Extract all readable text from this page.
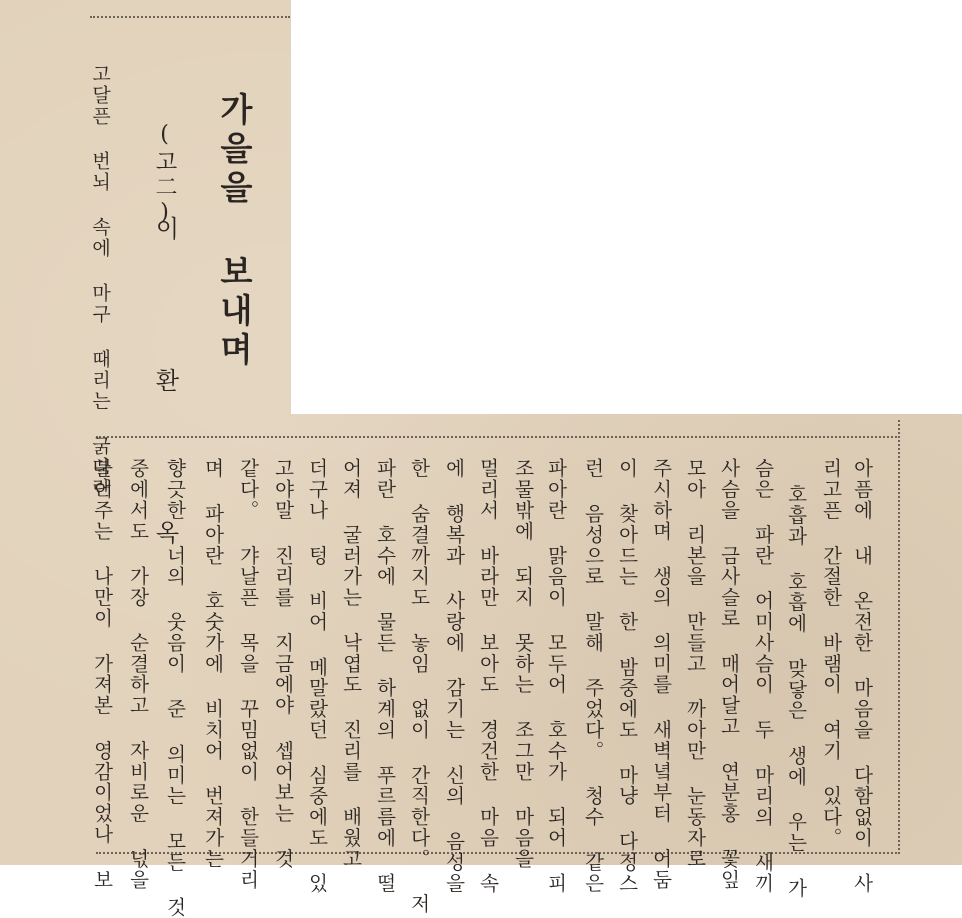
가을을 보내며
(고二)
이 환 옥
고달픈 번뇌 속에 마구 때리는 굵다란
아픔에 내 온전한 마음을 다함없이 사
리고픈 간절한 바램이 여기 있다。
호흡과 호흡에 맞닿은 생에 우는 가
슴은 파란 어미사슴이 두 마리의 새끼
사슴을 금사슬로 매어달고 연분홍 꽃잎
모아 리본을 만들고 까아만 눈동자로
주시하며 생의 의미를 새벽녘부터 어둠
이 찾아드는 한 밤중에도 마냥 다정스
런 음성으로 말해 주었다。 청수 같은
파아란 맑음이 모두어 호수가 되어 피
조물밖에 되지 못하는 조그만 마음을
멀리서 바라만 보아도 경건한 마음 속
에 행복과 사랑에 감기는 신의 음성을
한 숨결까지도 놓임 없이 간직한다。 저
파란 호수에 물든 하계의 푸르름에 떨
어져 굴러가는 낙엽도 진리를 배웠고
더구나 텅 비어 메말랐던 심중에도 있
고야말 진리를 지금에야 셉어보는 것
같다。 갸날픈 목을 꾸밈없이 한들거리
며 파아란 호숫가에 비치어 번져가는
향긋한 너의 웃음이 준 의미는 모든 것
중에서도 가장 순결하고 자비로운 넋을
불어주는 나만이 가져본 영감이었나 보
